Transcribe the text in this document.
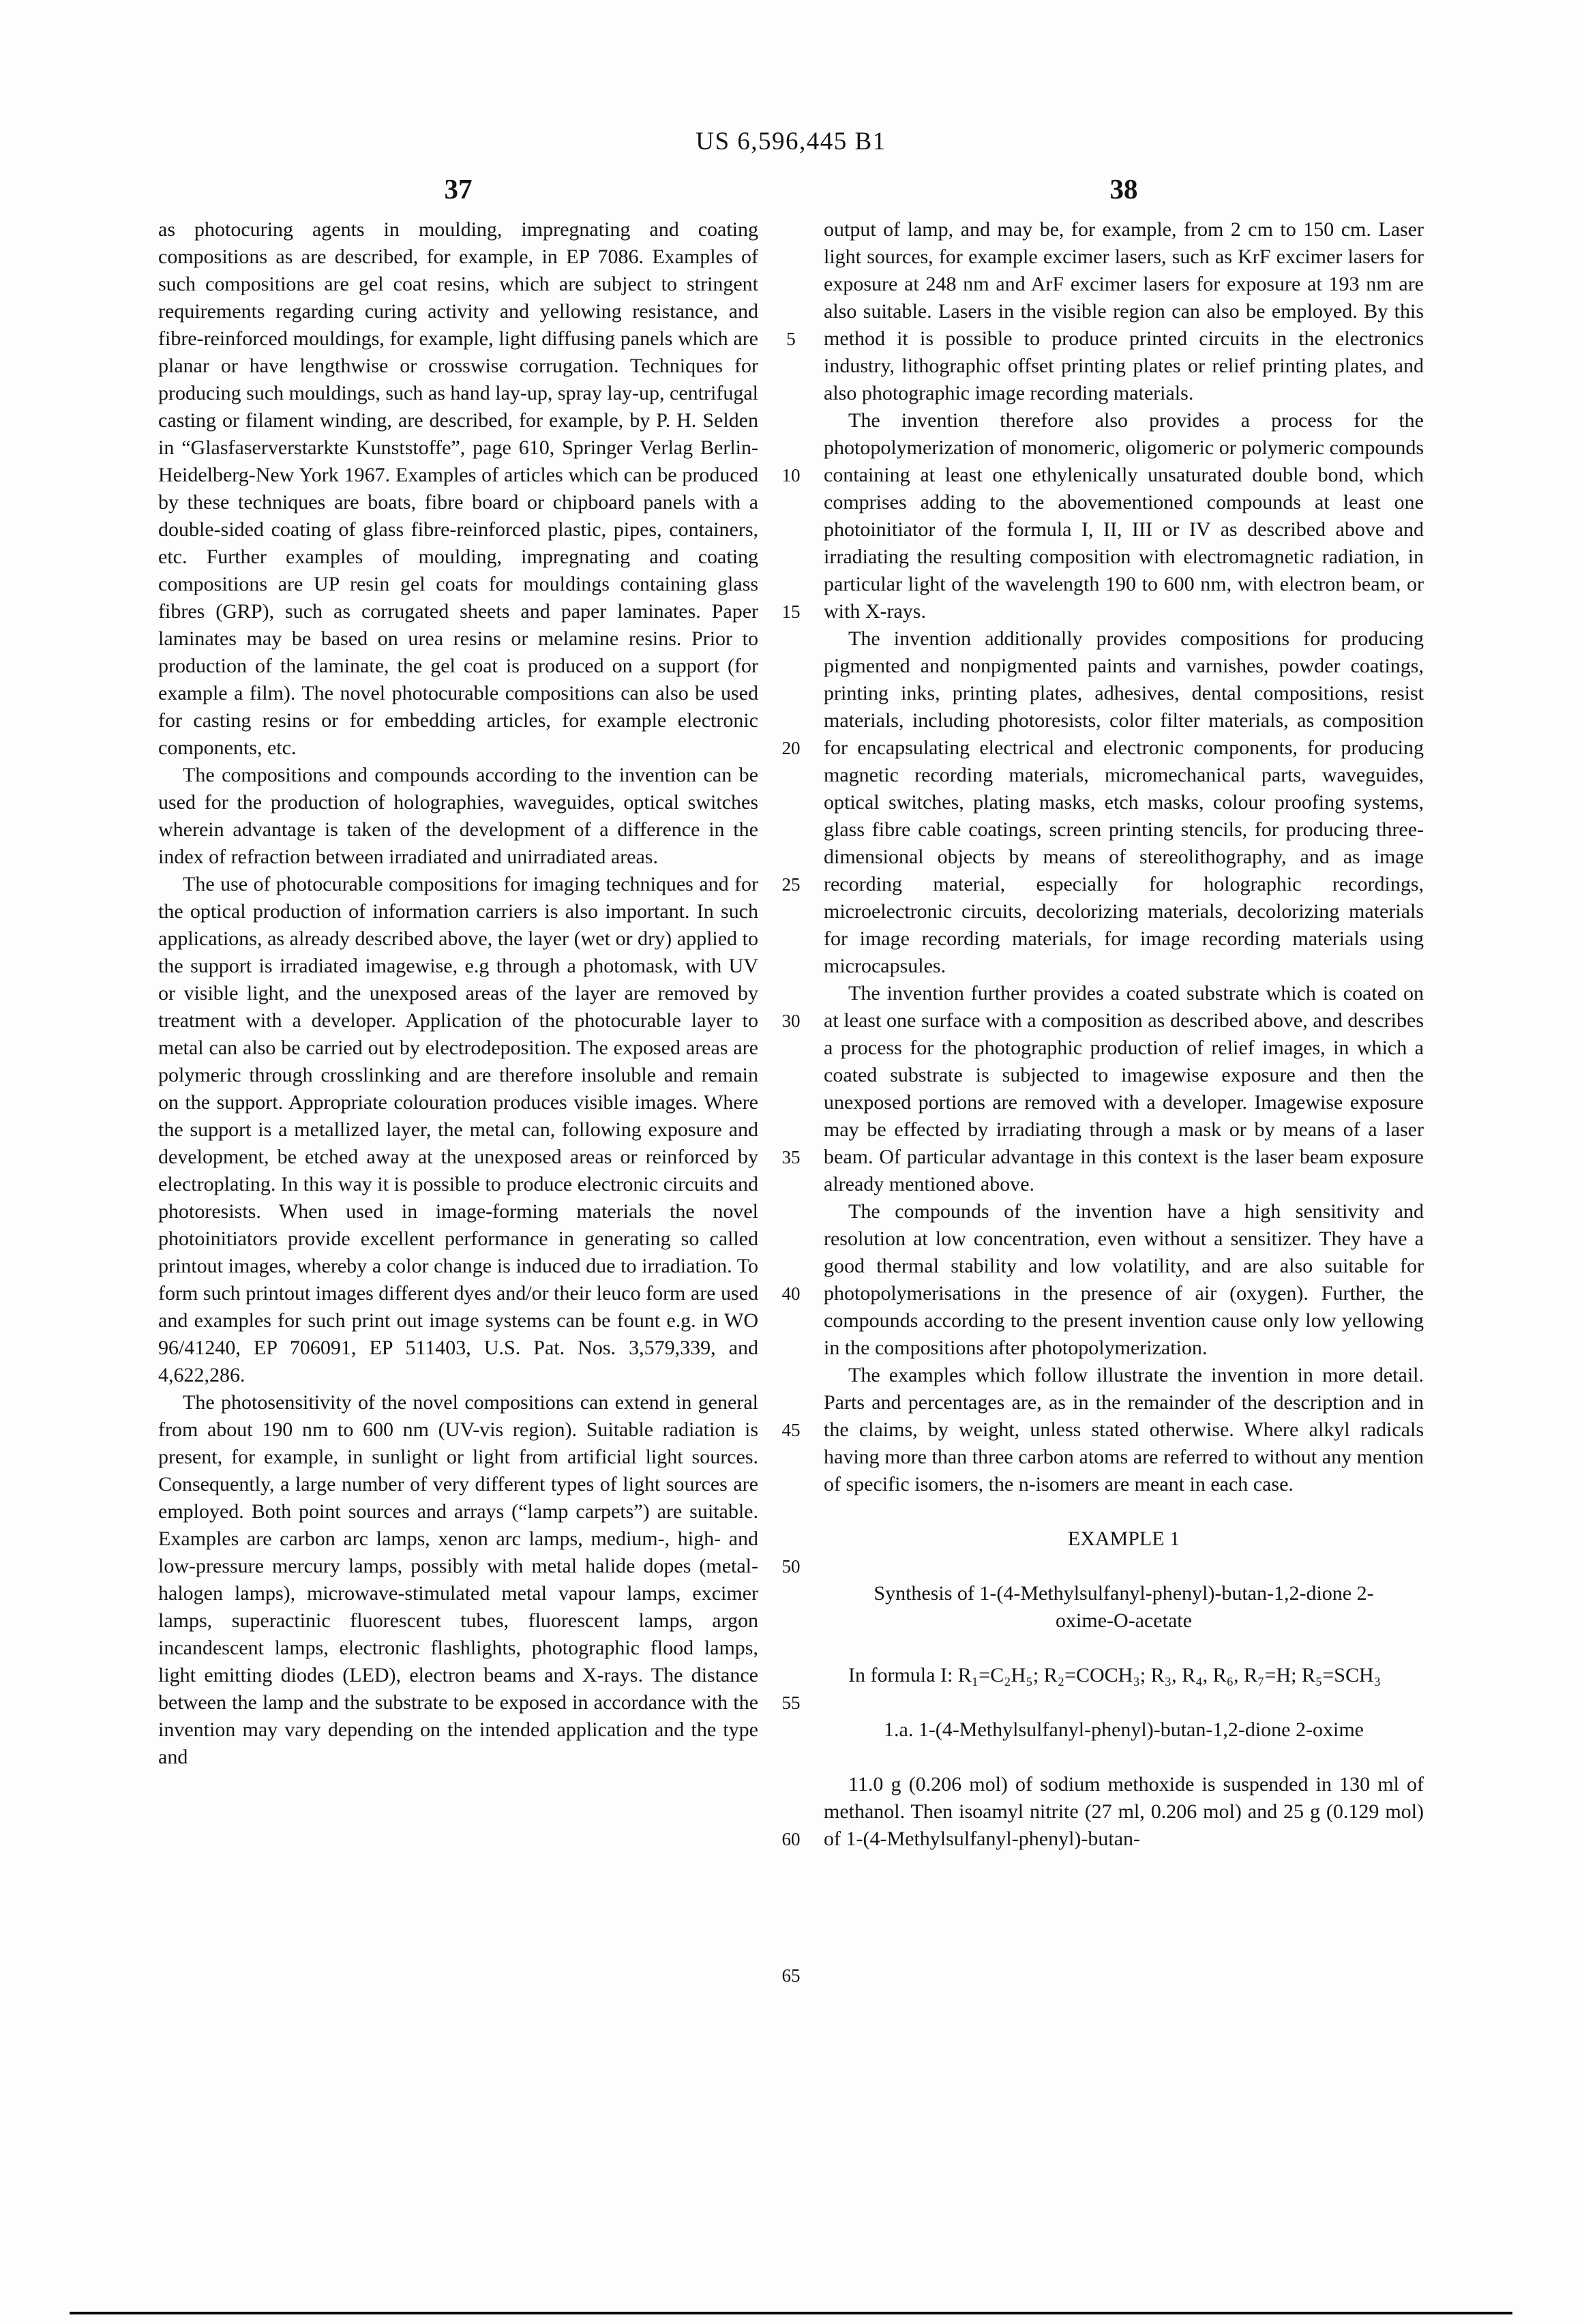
US 6,596,445 B1
37	38

as photocuring agents in moulding, impregnating and coating compositions as are described, for example, in EP 7086. Examples of such compositions are gel coat resins, which are subject to stringent requirements regarding curing activity and yellowing resistance, and fibre-reinforced mouldings, for example, light diffusing panels which are planar or have lengthwise or crosswise corrugation. Techniques for producing such mouldings, such as hand lay-up, spray lay-up, centrifugal casting or filament winding, are described, for example, by P. H. Selden in “Glasfaserverstarkte Kunststoffe”, page 610, Springer Verlag Berlin-Heidelberg-New York 1967. Examples of articles which can be produced by these techniques are boats, fibre board or chipboard panels with a double-sided coating of glass fibre-reinforced plastic, pipes, containers, etc. Further examples of moulding, impregnating and coating compositions are UP resin gel coats for mouldings containing glass fibres (GRP), such as corrugated sheets and paper laminates. Paper laminates may be based on urea resins or melamine resins. Prior to production of the laminate, the gel coat is produced on a support (for example a film). The novel photocurable compositions can also be used for casting resins or for embedding articles, for example electronic components, etc.

The compositions and compounds according to the invention can be used for the production of holographies, waveguides, optical switches wherein advantage is taken of the development of a difference in the index of refraction between irradiated and unirradiated areas.

The use of photocurable compositions for imaging techniques and for the optical production of information carriers is also important. In such applications, as already described above, the layer (wet or dry) applied to the support is irradiated imagewise, e.g through a photomask, with UV or visible light, and the unexposed areas of the layer are removed by treatment with a developer. Application of the photocurable layer to metal can also be carried out by electrodeposition. The exposed areas are polymeric through crosslinking and are therefore insoluble and remain on the support. Appropriate colouration produces visible images. Where the support is a metallized layer, the metal can, following exposure and development, be etched away at the unexposed areas or reinforced by electroplating. In this way it is possible to produce electronic circuits and photoresists. When used in image-forming materials the novel photoinitiators provide excellent performance in generating so called printout images, whereby a color change is induced due to irradiation. To form such printout images different dyes and/or their leuco form are used and examples for such print out image systems can be fount e.g. in WO 96/41240, EP 706091, EP 511403, U.S. Pat. Nos. 3,579,339, and 4,622,286.

The photosensitivity of the novel compositions can extend in general from about 190 nm to 600 nm (UV-vis region). Suitable radiation is present, for example, in sunlight or light from artificial light sources. Consequently, a large number of very different types of light sources are employed. Both point sources and arrays (“lamp carpets”) are suitable. Examples are carbon arc lamps, xenon arc lamps, medium-, high- and low-pressure mercury lamps, possibly with metal halide dopes (metal-halogen lamps), microwave-stimulated metal vapour lamps, excimer lamps, superactinic fluorescent tubes, fluorescent lamps, argon incandescent lamps, electronic flashlights, photographic flood lamps, light emitting diodes (LED), electron beams and X-rays. The distance between the lamp and the substrate to be exposed in accordance with the invention may vary depending on the intended application and the type and

5
10
15
20
25
30
35
40
45
50
55
60
65

output of lamp, and may be, for example, from 2 cm to 150 cm. Laser light sources, for example excimer lasers, such as KrF excimer lasers for exposure at 248 nm and ArF excimer lasers for exposure at 193 nm are also suitable. Lasers in the visible region can also be employed. By this method it is possible to produce printed circuits in the electronics industry, lithographic offset printing plates or relief printing plates, and also photographic image recording materials.

The invention therefore also provides a process for the photopolymerization of monomeric, oligomeric or polymeric compounds containing at least one ethylenically unsaturated double bond, which comprises adding to the abovementioned compounds at least one photoinitiator of the formula I, II, III or IV as described above and irradiating the resulting composition with electromagnetic radiation, in particular light of the wavelength 190 to 600 nm, with electron beam, or with X-rays.

The invention additionally provides compositions for producing pigmented and nonpigmented paints and varnishes, powder coatings, printing inks, printing plates, adhesives, dental compositions, resist materials, including photoresists, color filter materials, as composition for encapsulating electrical and electronic components, for producing magnetic recording materials, micromechanical parts, waveguides, optical switches, plating masks, etch masks, colour proofing systems, glass fibre cable coatings, screen printing stencils, for producing three-dimensional objects by means of stereolithography, and as image recording material, especially for holographic recordings, microelectronic circuits, decolorizing materials, decolorizing materials for image recording materials, for image recording materials using microcapsules.

The invention further provides a coated substrate which is coated on at least one surface with a composition as described above, and describes a process for the photographic production of relief images, in which a coated substrate is subjected to imagewise exposure and then the unexposed portions are removed with a developer. Imagewise exposure may be effected by irradiating through a mask or by means of a laser beam. Of particular advantage in this context is the laser beam exposure already mentioned above.

The compounds of the invention have a high sensitivity and resolution at low concentration, even without a sensitizer. They have a good thermal stability and low volatility, and are also suitable for photopolymerisations in the presence of air (oxygen). Further, the compounds according to the present invention cause only low yellowing in the compositions after photopolymerization.

The examples which follow illustrate the invention in more detail. Parts and percentages are, as in the remainder of the description and in the claims, by weight, unless stated otherwise. Where alkyl radicals having more than three carbon atoms are referred to without any mention of specific isomers, the n-isomers are meant in each case.

EXAMPLE 1

Synthesis of 1-(4-Methylsulfanyl-phenyl)-butan-1,2-dione 2-oxime-O-acetate

In formula I: R₁=C₂H₅; R₂=COCH₃; R₃, R₄, R₆, R₇=H; R₅=SCH₃

1.a. 1-(4-Methylsulfanyl-phenyl)-butan-1,2-dione 2-oxime

11.0 g (0.206 mol) of sodium methoxide is suspended in 130 ml of methanol. Then isoamyl nitrite (27 ml, 0.206 mol) and 25 g (0.129 mol) of 1-(4-Methylsulfanyl-phenyl)-butan-
